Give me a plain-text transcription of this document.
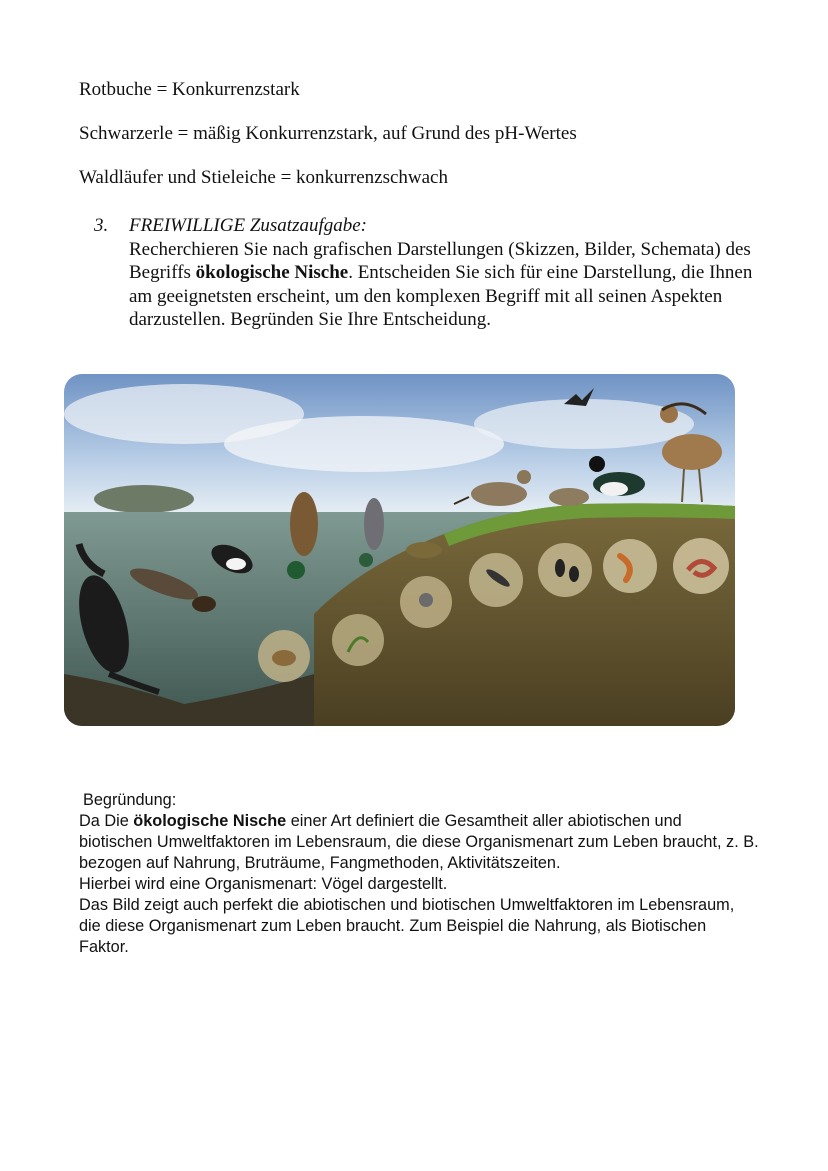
Rotbuche = Konkurrenzstark
Schwarzerle = mäßig Konkurrenzstark, auf Grund des pH-Wertes
Waldläufer und Stieleiche = konkurrenzschwach
3. FREIWILLIGE Zusatzaufgabe:
Recherchieren Sie nach grafischen Darstellungen (Skizzen, Bilder, Schemata) des Begriffs ökologische Nische. Entscheiden Sie sich für eine Darstellung, die Ihnen am geeignetsten erscheint, um den komplexen Begriff mit all seinen Aspekten darzustellen. Begründen Sie Ihre Entscheidung.

Begründung:

Da Die ökologische Nische einer Art definiert die Gesamtheit aller abiotischen und biotischen Umweltfaktoren im Lebensraum, die diese Organismenart zum Leben braucht, z. B. bezogen auf Nahrung, Bruträume, Fangmethoden, Aktivitätszeiten.

Hierbei wird eine Organismenart: Vögel dargestellt.

Das Bild zeigt auch perfekt die abiotischen und biotischen Umweltfaktoren im Lebensraum, die diese Organismenart zum Leben braucht. Zum Beispiel die Nahrung, als Biotischen Faktor.
